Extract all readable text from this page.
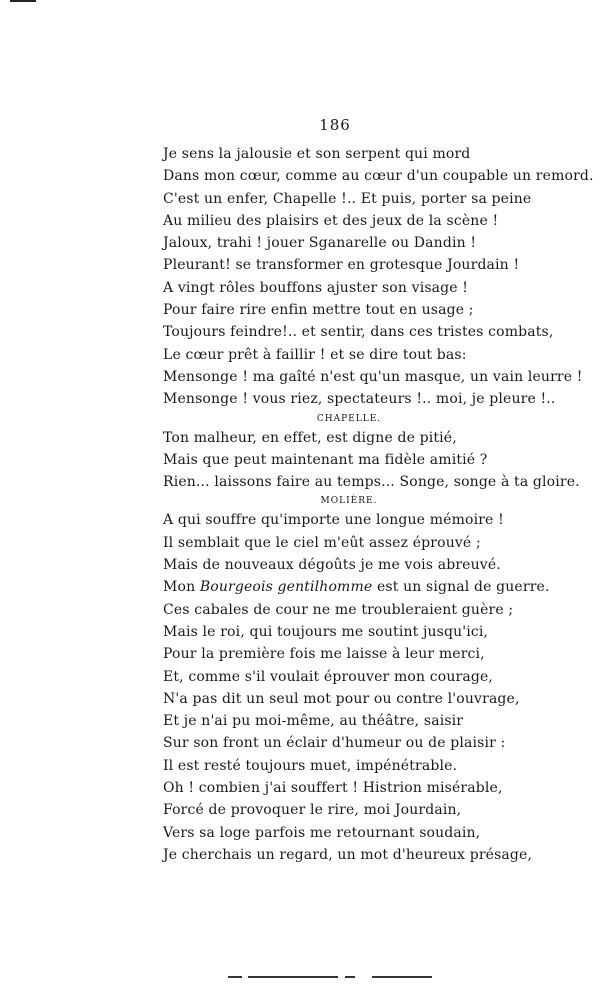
186
Je sens la jalousie et son serpent qui mord
Dans mon cœur, comme au cœur d'un coupable un remord.
C'est un enfer, Chapelle !.. Et puis, porter sa peine
Au milieu des plaisirs et des jeux de la scène !
Jaloux, trahi ! jouer Sganarelle ou Dandin !
Pleurant! se transformer en grotesque Jourdain !
A vingt rôles bouffons ajuster son visage !
Pour faire rire enfin mettre tout en usage ;
Toujours feindre!.. et sentir, dans ces tristes combats,
Le cœur prêt à faillir ! et se dire tout bas:
Mensonge ! ma gaîté n'est qu'un masque, un vain leurre !
Mensonge ! vous riez, spectateurs !.. moi, je pleure !..
CHAPELLE.
Ton malheur, en effet, est digne de pitié,
Mais que peut maintenant ma fidèle amitié ?
Rien... laissons faire au temps... Songe, songe à ta gloire.
MOLIÈRE.
A qui souffre qu'importe une longue mémoire !
Il semblait que le ciel m'eût assez éprouvé ;
Mais de nouveaux dégoûts je me vois abreuvé.
Mon Bourgeois gentilhomme est un signal de guerre.
Ces cabales de cour ne me troubleraient guère ;
Mais le roi, qui toujours me soutint jusqu'ici,
Pour la première fois me laisse à leur merci,
Et, comme s'il voulait éprouver mon courage,
N'a pas dit un seul mot pour ou contre l'ouvrage,
Et je n'ai pu moi-même, au théâtre, saisir
Sur son front un éclair d'humeur ou de plaisir :
Il est resté toujours muet, impénétrable.
Oh ! combien j'ai souffert ! Histrion misérable,
Forcé de provoquer le rire, moi Jourdain,
Vers sa loge parfois me retournant soudain,
Je cherchais un regard, un mot d'heureux présage,
